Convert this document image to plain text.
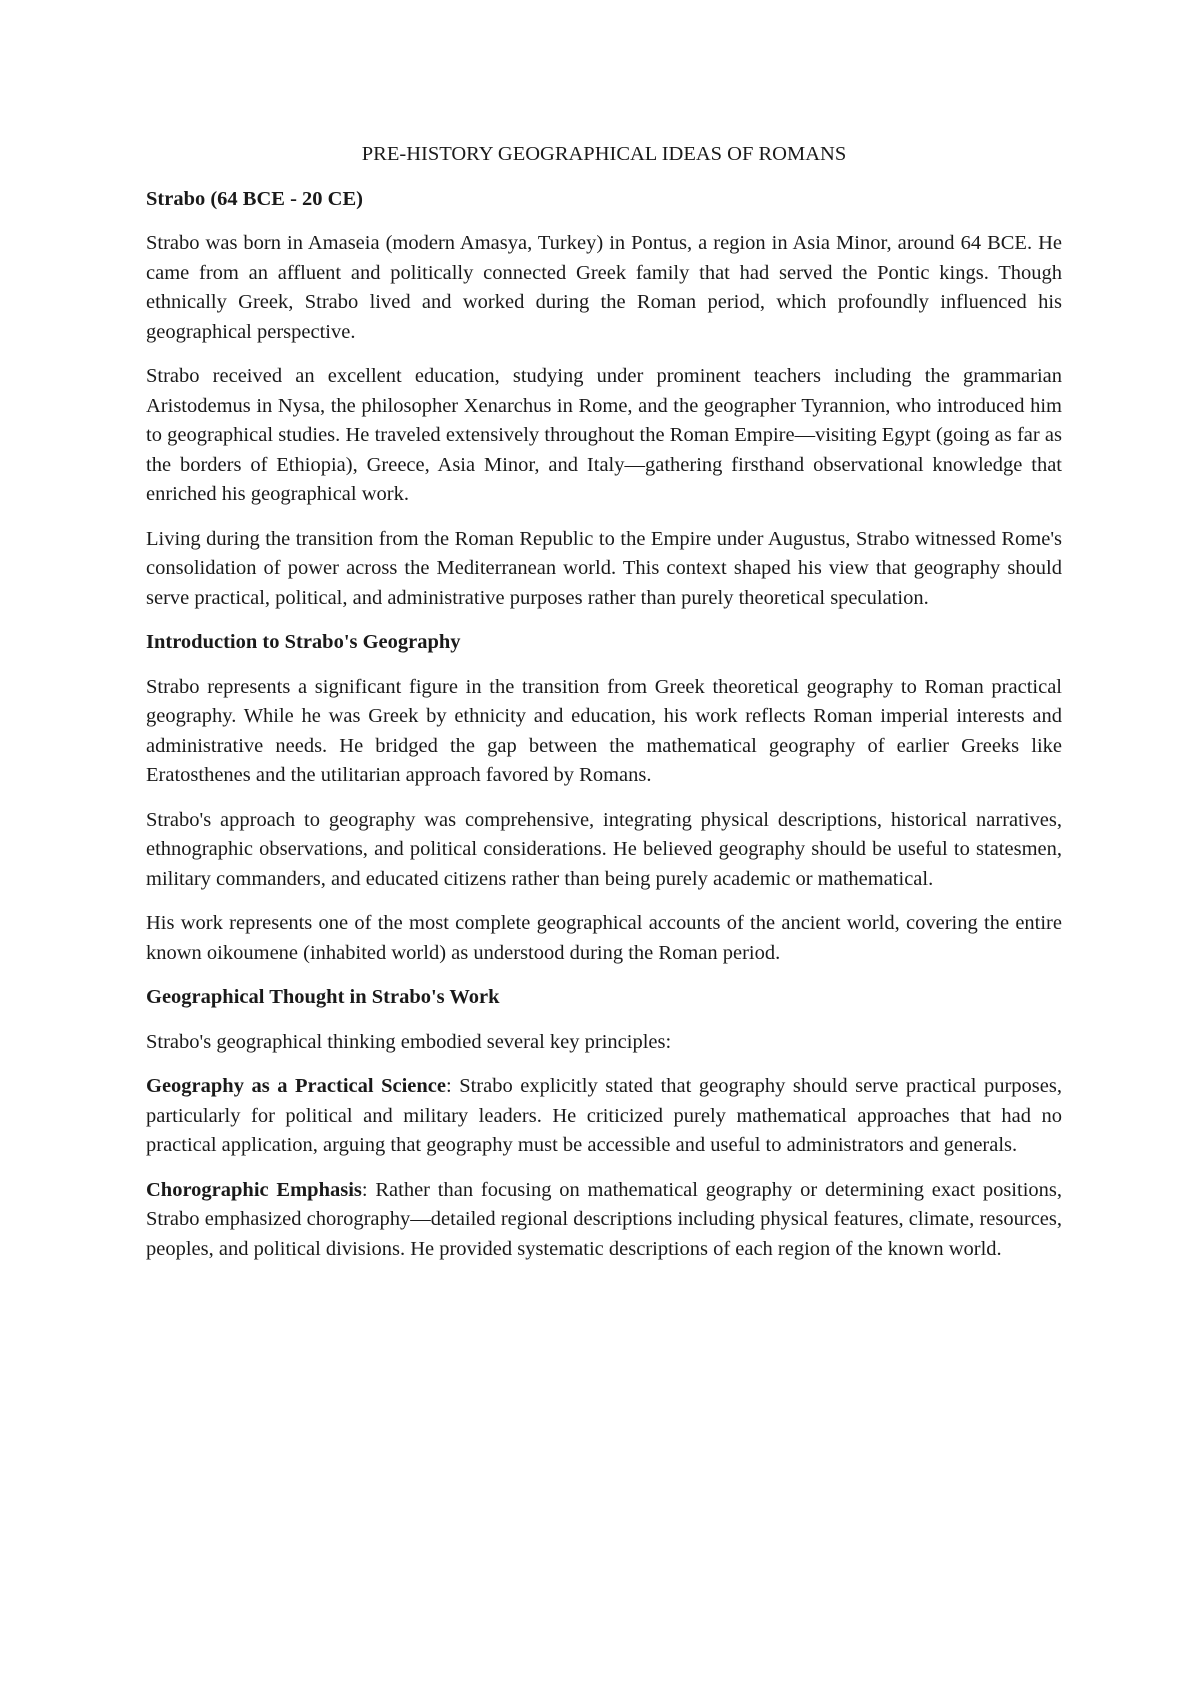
PRE-HISTORY GEOGRAPHICAL IDEAS OF ROMANS

Strabo (64 BCE - 20 CE)

Strabo was born in Amaseia (modern Amasya, Turkey) in Pontus, a region in Asia Minor, around 64 BCE. He came from an affluent and politically connected Greek family that had served the Pontic kings. Though ethnically Greek, Strabo lived and worked during the Roman period, which profoundly influenced his geographical perspective.

Strabo received an excellent education, studying under prominent teachers including the grammarian Aristodemus in Nysa, the philosopher Xenarchus in Rome, and the geographer Tyrannion, who introduced him to geographical studies. He traveled extensively throughout the Roman Empire—visiting Egypt (going as far as the borders of Ethiopia), Greece, Asia Minor, and Italy—gathering firsthand observational knowledge that enriched his geographical work.

Living during the transition from the Roman Republic to the Empire under Augustus, Strabo witnessed Rome's consolidation of power across the Mediterranean world. This context shaped his view that geography should serve practical, political, and administrative purposes rather than purely theoretical speculation.

Introduction to Strabo's Geography

Strabo represents a significant figure in the transition from Greek theoretical geography to Roman practical geography. While he was Greek by ethnicity and education, his work reflects Roman imperial interests and administrative needs. He bridged the gap between the mathematical geography of earlier Greeks like Eratosthenes and the utilitarian approach favored by Romans.

Strabo's approach to geography was comprehensive, integrating physical descriptions, historical narratives, ethnographic observations, and political considerations. He believed geography should be useful to statesmen, military commanders, and educated citizens rather than being purely academic or mathematical.

His work represents one of the most complete geographical accounts of the ancient world, covering the entire known oikoumene (inhabited world) as understood during the Roman period.

Geographical Thought in Strabo's Work

Strabo's geographical thinking embodied several key principles:

Geography as a Practical Science: Strabo explicitly stated that geography should serve practical purposes, particularly for political and military leaders. He criticized purely mathematical approaches that had no practical application, arguing that geography must be accessible and useful to administrators and generals.

Chorographic Emphasis: Rather than focusing on mathematical geography or determining exact positions, Strabo emphasized chorography—detailed regional descriptions including physical features, climate, resources, peoples, and political divisions. He provided systematic descriptions of each region of the known world.
